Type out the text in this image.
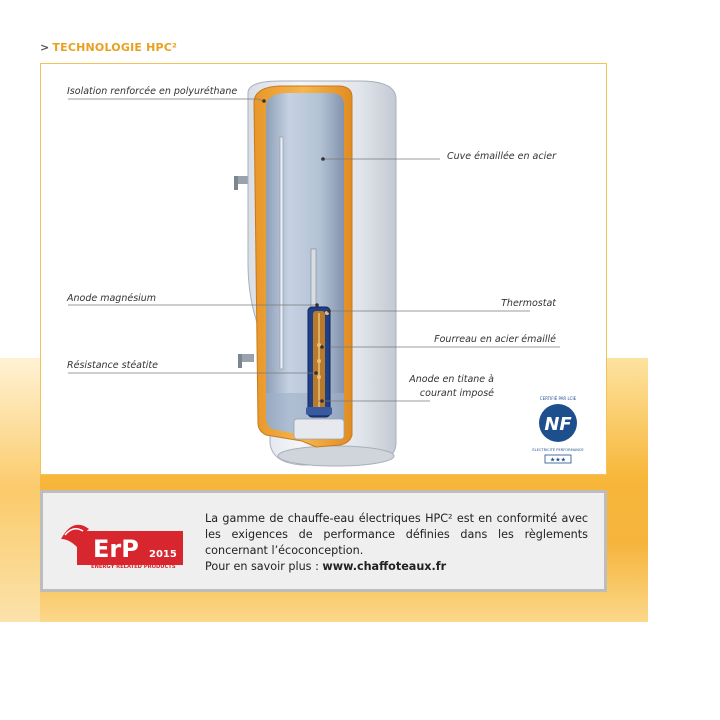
> TECHNOLOGIE HPC²
NF
CERTIFIÉ PAR LCIE
ÉLECTRICITÉ PERFORMANCE
★★★
Isolation renforcée en polyuréthane
Cuve émaillée en acier
Anode magnésium	Thermostat
Fourreau en acier émaillé
Résistance stéatite
Anode en titane à
courant imposé
ErP 2015
ENERGY RELATED PRODUCTS

La gamme de chauffe-eau électriques HPC² est en conformité avec les exigences de performance définies dans les règlements concernant l’écoconception.

Pour en savoir plus : www.chaffoteaux.fr
